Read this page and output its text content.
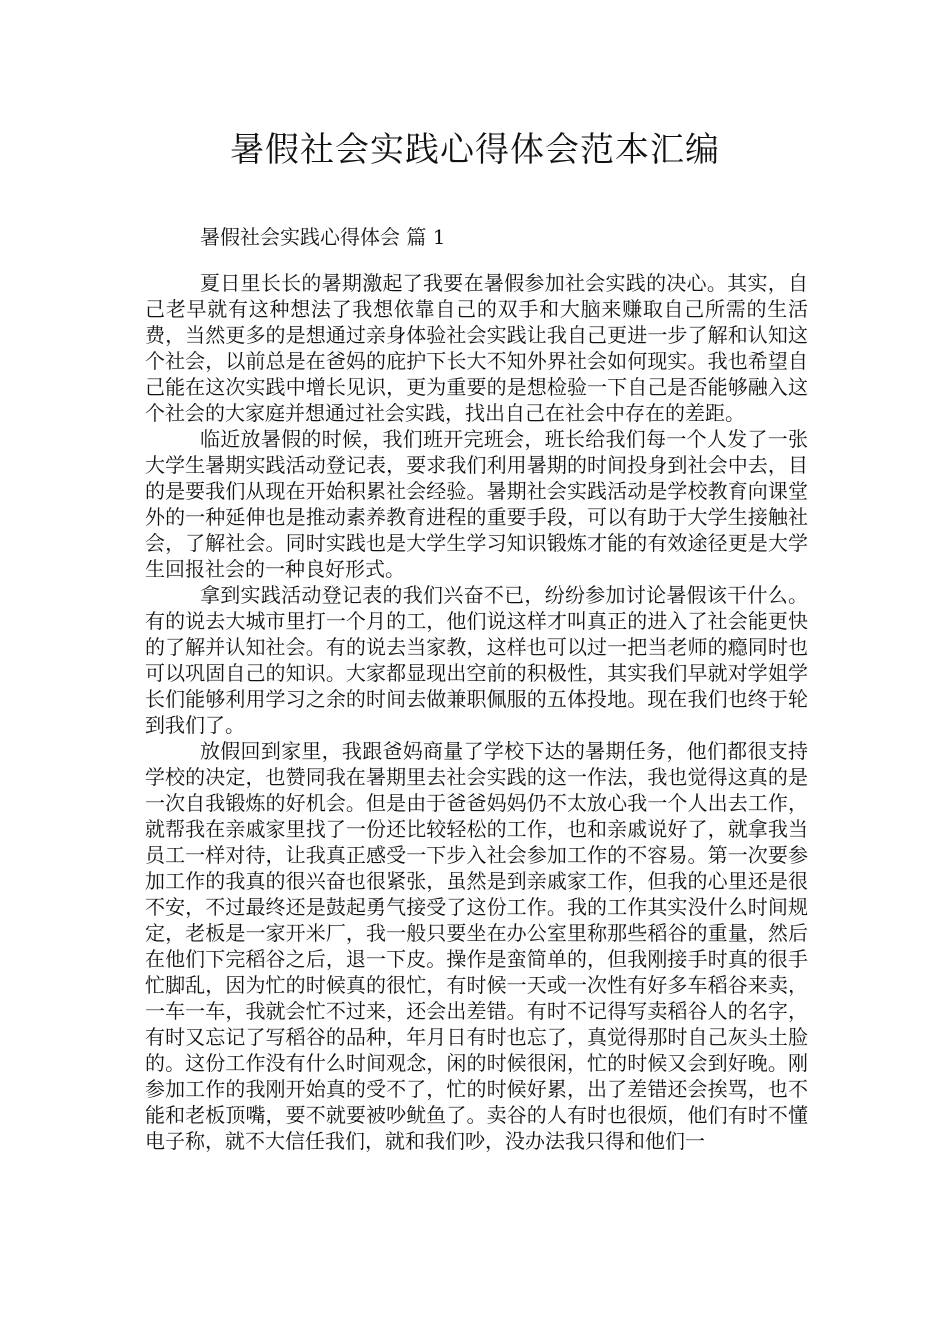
暑假社会实践心得体会范本汇编
暑假社会实践心得体会 篇 1

夏日里长长的暑期激起了我要在暑假参加社会实践的决心。其实，自己老早就有这种想法了我想依靠自己的双手和大脑来赚取自己所需的生活费，当然更多的是想通过亲身体验社会实践让我自己更进一步了解和认知这个社会，以前总是在爸妈的庇护下长大不知外界社会如何现实。我也希望自己能在这次实践中增长见识，更为重要的是想检验一下自己是否能够融入这个社会的大家庭并想通过社会实践，找出自己在社会中存在的差距。

临近放暑假的时候，我们班开完班会，班长给我们每一个人发了一张大学生暑期实践活动登记表，要求我们利用暑期的时间投身到社会中去，目的是要我们从现在开始积累社会经验。暑期社会实践活动是学校教育向课堂外的一种延伸也是推动素养教育进程的重要手段，可以有助于大学生接触社会，了解社会。同时实践也是大学生学习知识锻炼才能的有效途径更是大学生回报社会的一种良好形式。

拿到实践活动登记表的我们兴奋不已，纷纷参加讨论暑假该干什么。有的说去大城市里打一个月的工，他们说这样才叫真正的进入了社会能更快的了解并认知社会。有的说去当家教，这样也可以过一把当老师的瘾同时也可以巩固自己的知识。大家都显现出空前的积极性，其实我们早就对学姐学长们能够利用学习之余的时间去做兼职佩服的五体投地。现在我们也终于轮到我们了。

放假回到家里，我跟爸妈商量了学校下达的暑期任务，他们都很支持学校的决定，也赞同我在暑期里去社会实践的这一作法，我也觉得这真的是一次自我锻炼的好机会。但是由于爸爸妈妈仍不太放心我一个人出去工作，就帮我在亲戚家里找了一份还比较轻松的工作，也和亲戚说好了，就拿我当员工一样对待，让我真正感受一下步入社会参加工作的不容易。第一次要参加工作的我真的很兴奋也很紧张，虽然是到亲戚家工作，但我的心里还是很不安，不过最终还是鼓起勇气接受了这份工作。我的工作其实没什么时间规定，老板是一家开米厂，我一般只要坐在办公室里称那些稻谷的重量，然后在他们下完稻谷之后，退一下皮。操作是蛮简单的，但我刚接手时真的很手忙脚乱，因为忙的时候真的很忙，有时候一天或一次性有好多车稻谷来卖，一车一车，我就会忙不过来，还会出差错。有时不记得写卖稻谷人的名字，有时又忘记了写稻谷的品种，年月日有时也忘了，真觉得那时自己灰头土脸的。这份工作没有什么时间观念，闲的时候很闲，忙的时候又会到好晚。刚参加工作的我刚开始真的受不了，忙的时候好累，出了差错还会挨骂，也不能和老板顶嘴，要不就要被吵鱿鱼了。卖谷的人有时也很烦，他们有时不懂电子称，就不大信任我们，就和我们吵，没办法我只得和他们一
